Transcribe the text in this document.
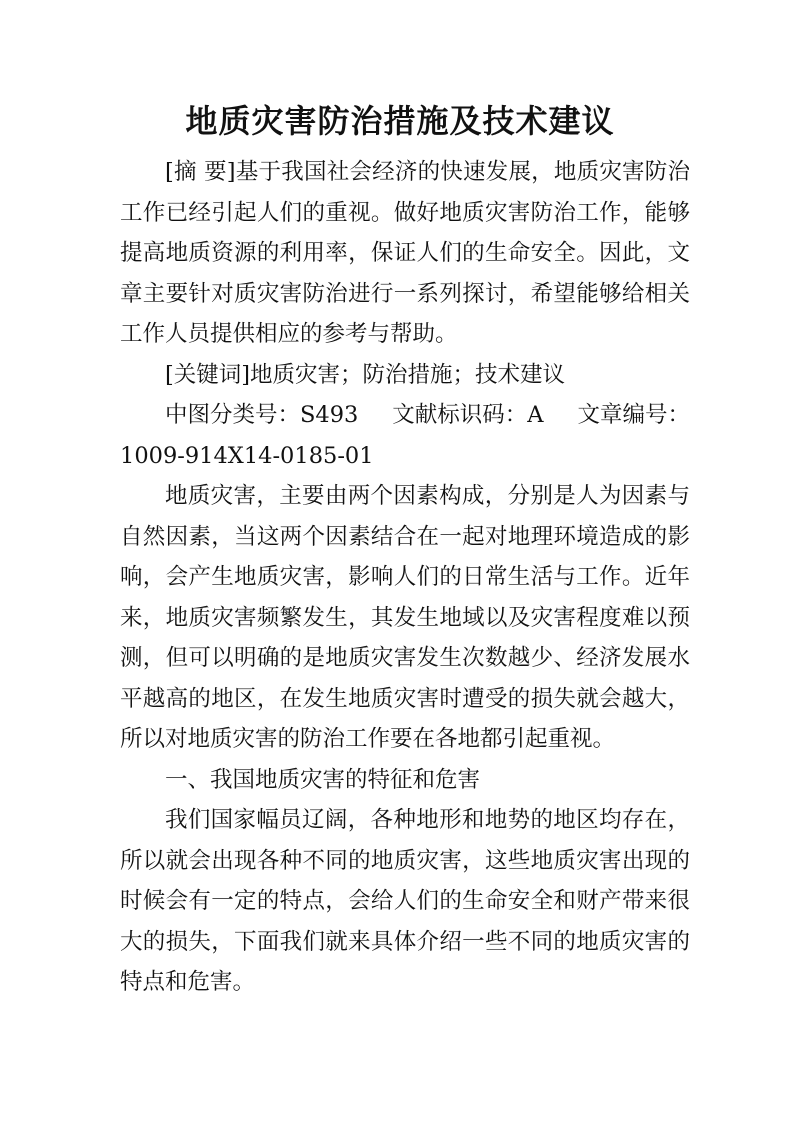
地质灾害防治措施及技术建议

[摘 要]基于我国社会经济的快速发展，地质灾害防治工作已经引起人们的重视。做好地质灾害防治工作，能够提高地质资源的利用率，保证人们的生命安全。因此，文章主要针对质灾害防治进行一系列探讨，希望能够给相关工作人员提供相应的参考与帮助。

[关键词]地质灾害；防治措施；技术建议

中图分类号：S493 文献标识码：A 文章编号：

1009-914X14-0185-01

地质灾害，主要由两个因素构成，分别是人为因素与自然因素，当这两个因素结合在一起对地理环境造成的影响，会产生地质灾害，影响人们的日常生活与工作。近年来，地质灾害频繁发生，其发生地域以及灾害程度难以预测，但可以明确的是地质灾害发生次数越少、经济发展水平越高的地区，在发生地质灾害时遭受的损失就会越大，所以对地质灾害的防治工作要在各地都引起重视。

一、我国地质灾害的特征和危害

我们国家幅员辽阔，各种地形和地势的地区均存在，所以就会出现各种不同的地质灾害，这些地质灾害出现的时候会有一定的特点，会给人们的生命安全和财产带来很大的损失，下面我们就来具体介绍一些不同的地质灾害的特点和危害。
